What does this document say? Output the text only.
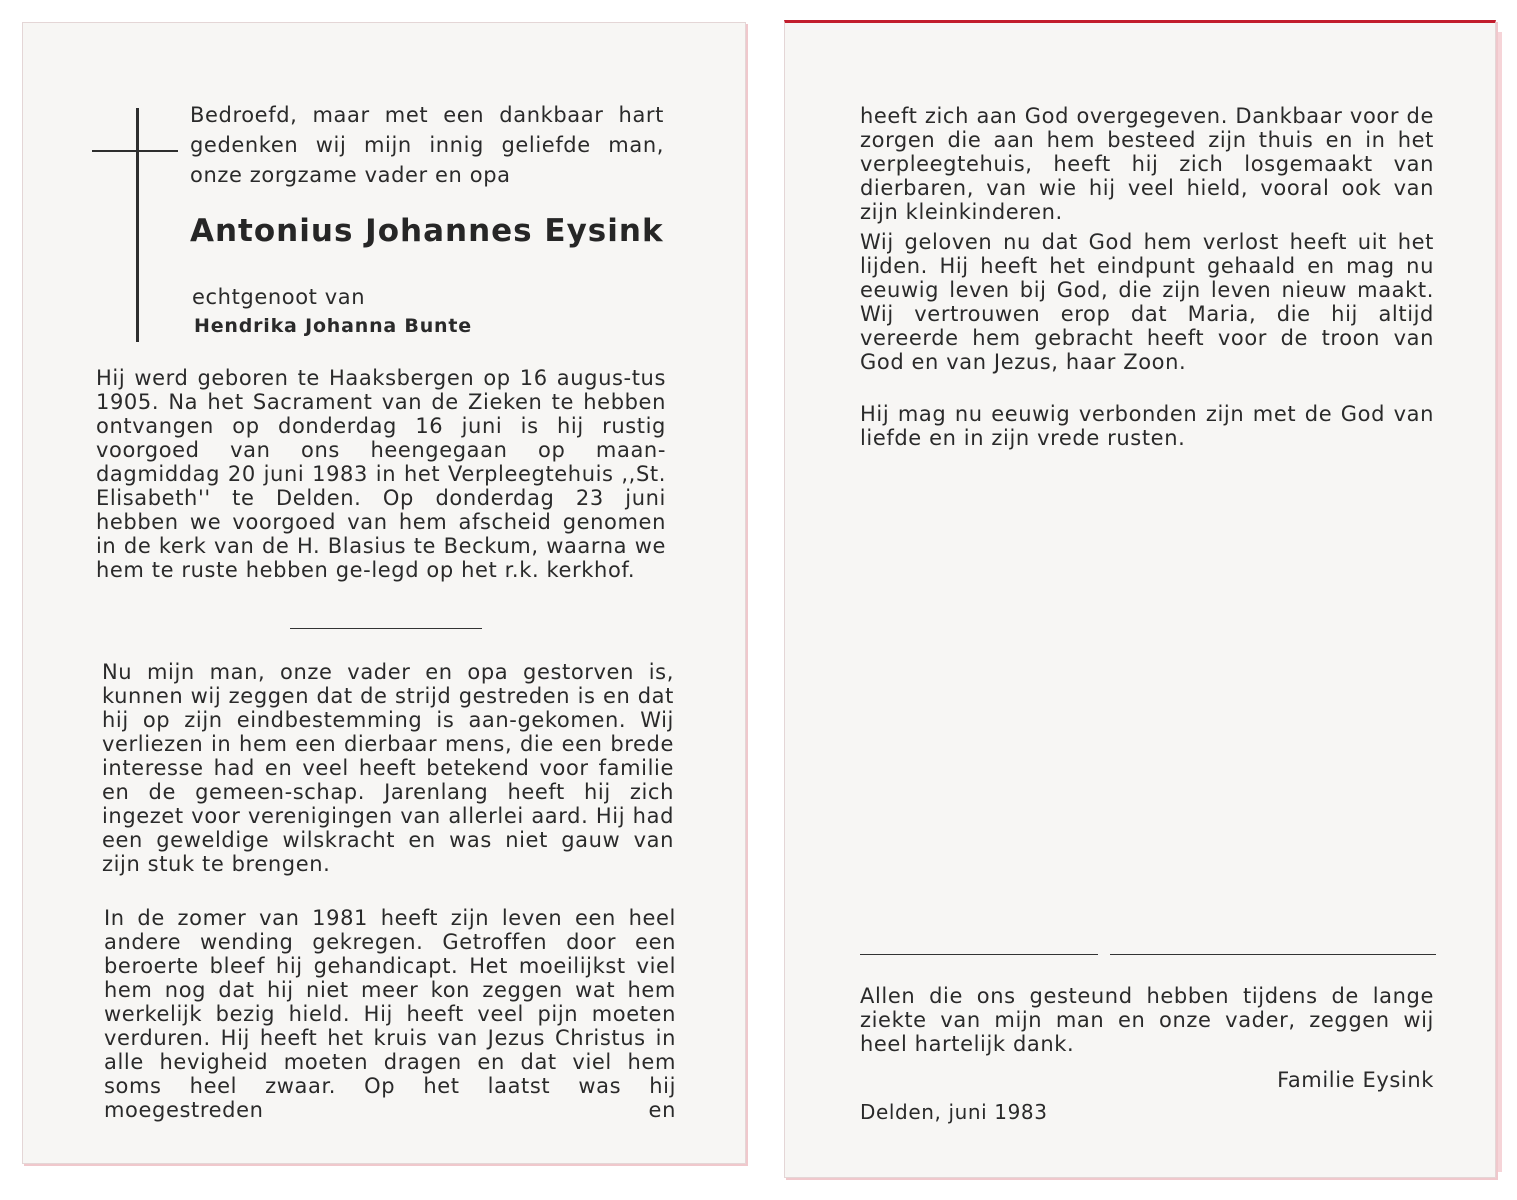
Bedroefd, maar met een dankbaar hart gedenken wij mijn innig geliefde man, onze zorgzame vader en opa

Antonius Johannes Eysink

echtgenoot van

Hendrika Johanna Bunte

Hij werd geboren te Haaksbergen op 16 augus-tus 1905. Na het Sacrament van de Zieken te hebben ontvangen op donderdag 16 juni is hij rustig voorgoed van ons heengegaan op maan-dagmiddag 20 juni 1983 in het Verpleegtehuis ,,St. Elisabeth'' te Delden. Op donderdag 23 juni hebben we voorgoed van hem afscheid genomen in de kerk van de H. Blasius te Beckum, waarna we hem te ruste hebben ge-legd op het r.k. kerkhof.

Nu mijn man, onze vader en opa gestorven is, kunnen wij zeggen dat de strijd gestreden is en dat hij op zijn eindbestemming is aan-gekomen. Wij verliezen in hem een dierbaar mens, die een brede interesse had en veel heeft betekend voor familie en de gemeen-schap. Jarenlang heeft hij zich ingezet voor verenigingen van allerlei aard. Hij had een geweldige wilskracht en was niet gauw van zijn stuk te brengen.

In de zomer van 1981 heeft zijn leven een heel andere wending gekregen. Getroffen door een beroerte bleef hij gehandicapt. Het moeilijkst viel hem nog dat hij niet meer kon zeggen wat hem werkelijk bezig hield. Hij heeft veel pijn moeten verduren. Hij heeft het kruis van Jezus Christus in alle hevigheid moeten dragen en dat viel hem soms heel zwaar. Op het laatst was hij moegestreden en

heeft zich aan God overgegeven. Dankbaar voor de zorgen die aan hem besteed zijn thuis en in het verpleegtehuis, heeft hij zich losgemaakt van dierbaren, van wie hij veel hield, vooral ook van zijn kleinkinderen.

Wij geloven nu dat God hem verlost heeft uit het lijden. Hij heeft het eindpunt gehaald en mag nu eeuwig leven bij God, die zijn leven nieuw maakt. Wij vertrouwen erop dat Maria, die hij altijd vereerde hem gebracht heeft voor de troon van God en van Jezus, haar Zoon.

Hij mag nu eeuwig verbonden zijn met de God van liefde en in zijn vrede rusten.

Allen die ons gesteund hebben tijdens de lange ziekte van mijn man en onze vader, zeggen wij heel hartelijk dank.

Familie Eysink

Delden, juni 1983
